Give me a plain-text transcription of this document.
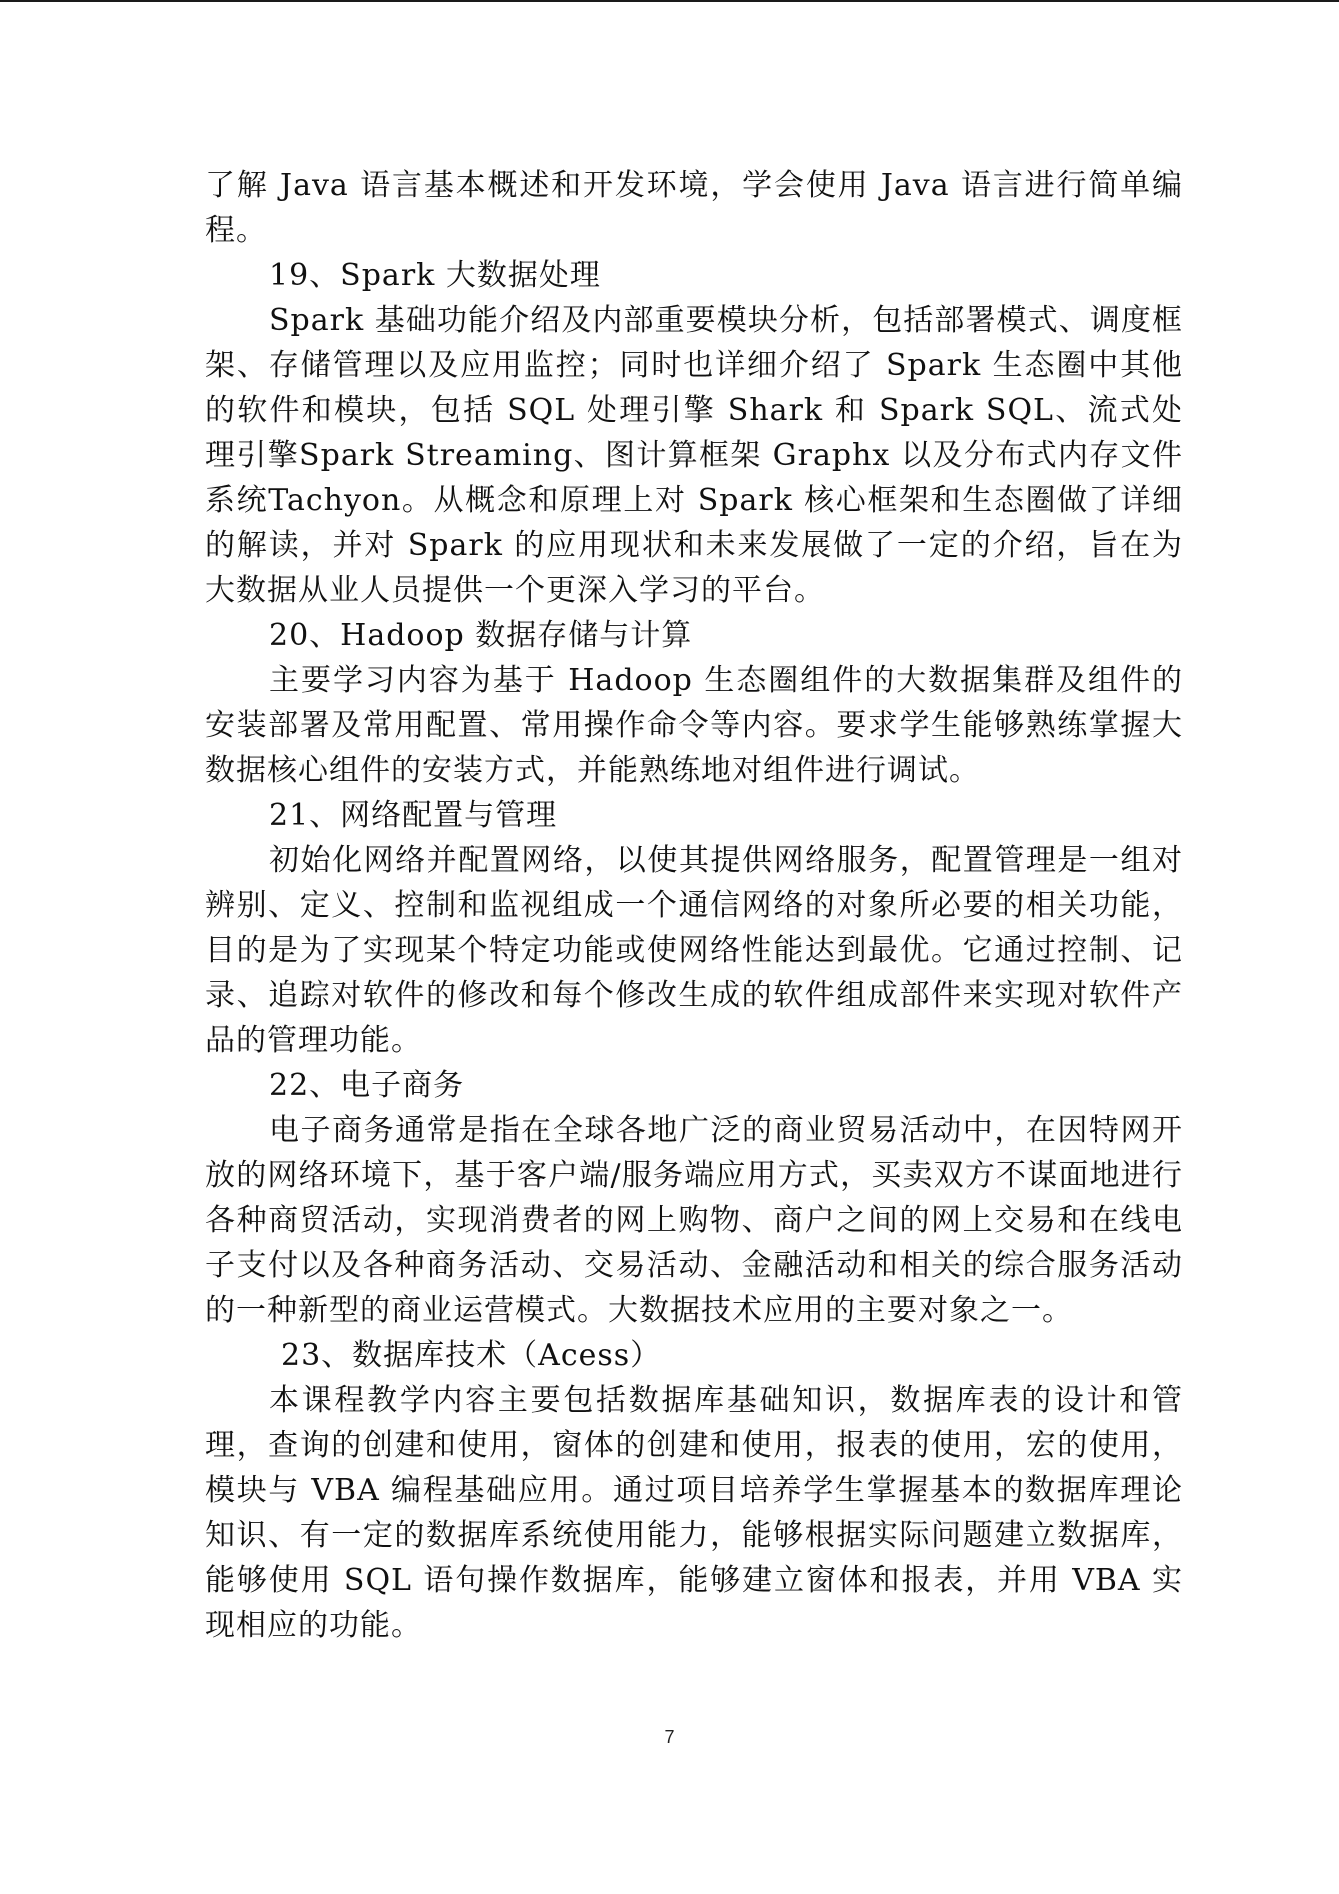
了解 Java 语言基本概述和开发环境，学会使用 Java 语言进行简单编程。

19、Spark 大数据处理

Spark 基础功能介绍及内部重要模块分析，包括部署模式、调度框架、存储管理以及应用监控；同时也详细介绍了 Spark 生态圈中其他的软件和模块，包括 SQL 处理引擎 Shark 和 Spark SQL、流式处理引擎Spark Streaming、图计算框架 Graphx 以及分布式内存文件系统Tachyon。从概念和原理上对 Spark 核心框架和生态圈做了详细的解读，并对 Spark 的应用现状和未来发展做了一定的介绍，旨在为大数据从业人员提供一个更深入学习的平台。

20、Hadoop 数据存储与计算

主要学习内容为基于 Hadoop 生态圈组件的大数据集群及组件的安装部署及常用配置、常用操作命令等内容。要求学生能够熟练掌握大数据核心组件的安装方式，并能熟练地对组件进行调试。

21、网络配置与管理

初始化网络并配置网络，以使其提供网络服务，配置管理是一组对辨别、定义、控制和监视组成一个通信网络的对象所必要的相关功能，目的是为了实现某个特定功能或使网络性能达到最优。它通过控制、记录、追踪对软件的修改和每个修改生成的软件组成部件来实现对软件产品的管理功能。

22、电子商务

电子商务通常是指在全球各地广泛的商业贸易活动中，在因特网开放的网络环境下，基于客户端/服务端应用方式，买卖双方不谋面地进行各种商贸活动，实现消费者的网上购物、商户之间的网上交易和在线电子支付以及各种商务活动、交易活动、金融活动和相关的综合服务活动的一种新型的商业运营模式。大数据技术应用的主要对象之一。

23、数据库技术（Acess）

本课程教学内容主要包括数据库基础知识，数据库表的设计和管理，查询的创建和使用，窗体的创建和使用，报表的使用，宏的使用，模块与 VBA 编程基础应用。通过项目培养学生掌握基本的数据库理论知识、有一定的数据库系统使用能力，能够根据实际问题建立数据库，能够使用 SQL 语句操作数据库，能够建立窗体和报表，并用 VBA 实现相应的功能。

7
